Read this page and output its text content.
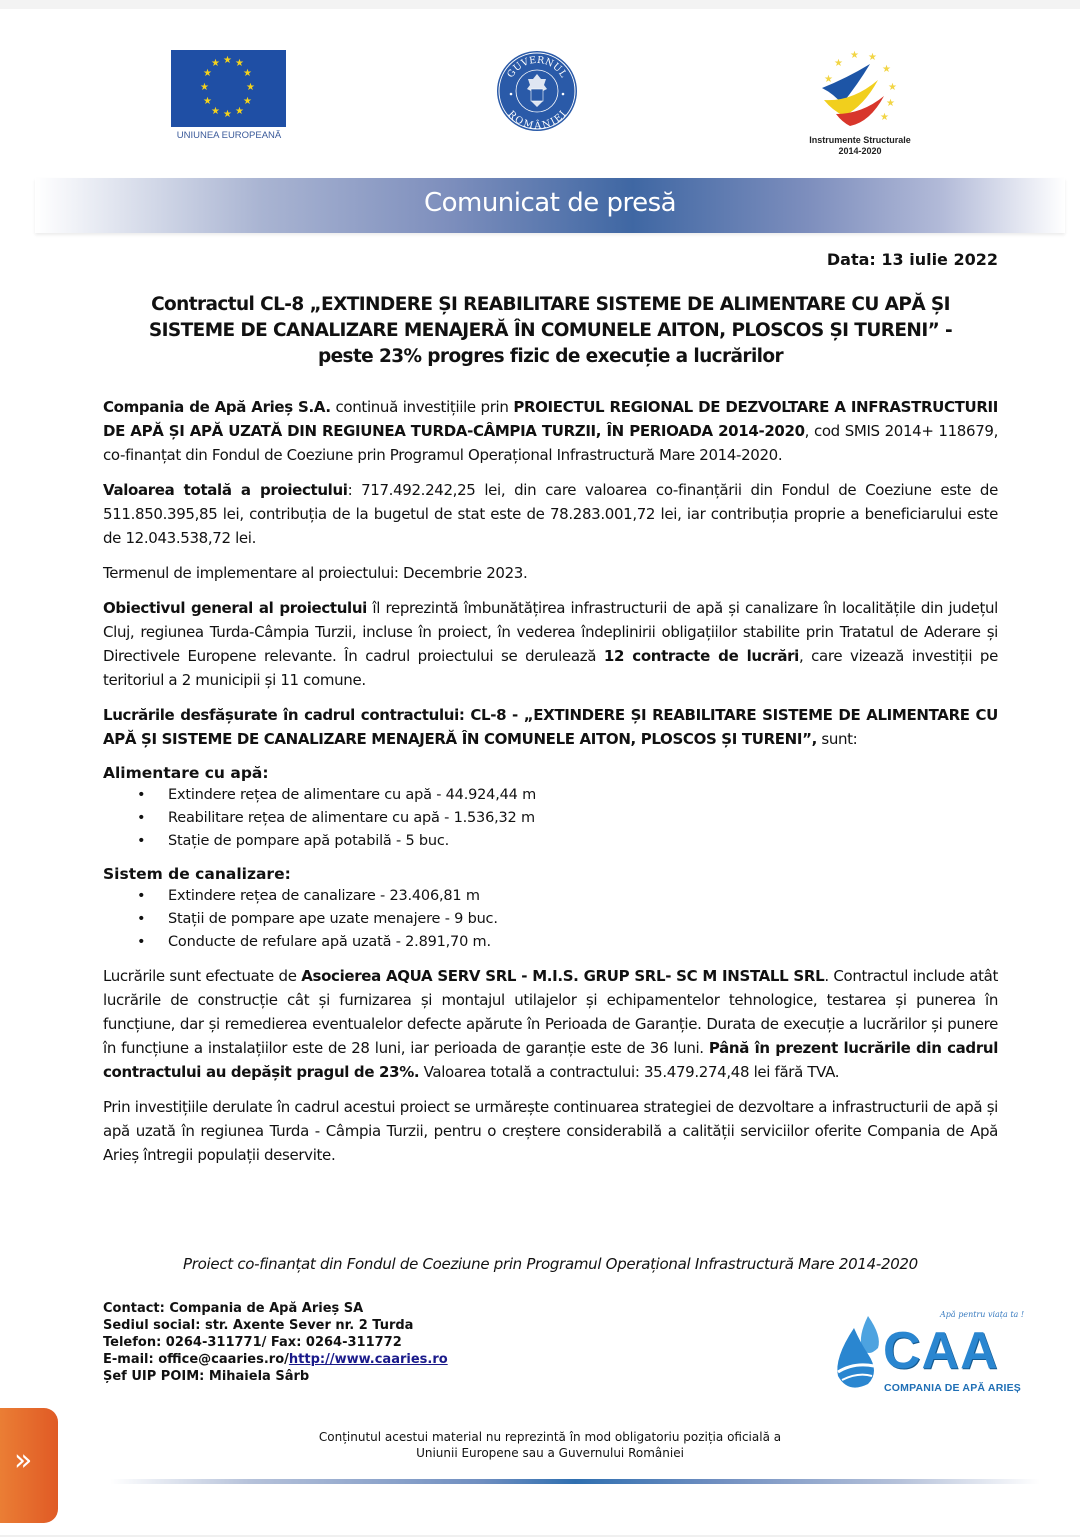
★ ★
★
★
★
★
★
★
★
★
★
★
UNIUNEA EUROPEANĂ
GUVERNUL
ROMÂNIEI
★ ★
★
★
★
★
★
★
Instrumente Structurale
2014-2020
Comunicat de presă
Data: 13 iulie 2022
Contractul CL-8 „EXTINDERE ȘI REABILITARE SISTEME DE ALIMENTARE CU APĂ ȘI
SISTEME DE CANALIZARE MENAJERĂ ÎN COMUNELE AITON, PLOSCOS ȘI TURENI” -
peste 23% progres fizic de execuție a lucrărilor
Compania de Apă Arieș S.A. continuă investițiile prin PROIECTUL REGIONAL DE DEZVOLTARE A INFRASTRUCTURII DE APĂ ȘI APĂ UZATĂ DIN REGIUNEA TURDA-CÂMPIA TURZII, ÎN PERIOADA 2014-2020, cod SMIS 2014+ 118679, co-finanțat din Fondul de Coeziune prin Programul Operațional Infrastructură Mare 2014-2020.
Valoarea totală a proiectului: 717.492.242,25 lei, din care valoarea co-finanțării din Fondul de Coeziune este de 511.850.395,85 lei, contribuția de la bugetul de stat este de 78.283.001,72 lei, iar contribuția proprie a beneficiarului este de 12.043.538,72 lei.
Termenul de implementare al proiectului: Decembrie 2023.
Obiectivul general al proiectului îl reprezintă îmbunătățirea infrastructurii de apă și canalizare în localitățile din județul Cluj, regiunea Turda-Câmpia Turzii, incluse în proiect, în vederea îndeplinirii obligațiilor stabilite prin Tratatul de Aderare și Directivele Europene relevante. În cadrul proiectului se derulează 12 contracte de lucrări, care vizează investiții pe teritoriul a 2 municipii și 11 comune.
Lucrările desfășurate în cadrul contractului: CL-8 - „EXTINDERE ȘI REABILITARE SISTEME DE ALIMENTARE CU APĂ ȘI SISTEME DE CANALIZARE MENAJERĂ ÎN COMUNELE AITON, PLOSCOS ȘI TURENI”, sunt:
Alimentare cu apă:
• Extindere rețea de alimentare cu apă - 44.924,44 m
• Reabilitare rețea de alimentare cu apă - 1.536,32 m
• Stație de pompare apă potabilă - 5 buc.
Sistem de canalizare:
• Extindere rețea de canalizare - 23.406,81 m
• Stații de pompare ape uzate menajere - 9 buc.
• Conducte de refulare apă uzată - 2.891,70 m.
Lucrările sunt efectuate de Asocierea AQUA SERV SRL - M.I.S. GRUP SRL- SC M INSTALL SRL. Contractul include atât lucrările de construcție cât și furnizarea și montajul utilajelor și echipamentelor tehnologice, testarea și punerea în funcțiune, dar și remedierea eventualelor defecte apărute în Perioada de Garanție. Durata de execuție a lucrărilor și punere în funcțiune a instalațiilor este de 28 luni, iar perioada de garanție este de 36 luni. Până în prezent lucrările din cadrul contractului au depășit pragul de 23%. Valoarea totală a contractului: 35.479.274,48 lei fără TVA.
Prin investițiile derulate în cadrul acestui proiect se urmărește continuarea strategiei de dezvoltare a infrastructurii de apă și apă uzată în regiunea Turda - Câmpia Turzii, pentru o creștere considerabilă a calității serviciilor oferite Compania de Apă Arieș întregii populații deservite.
Proiect co-finanțat din Fondul de Coeziune prin Programul Operațional Infrastructură Mare 2014-2020
Contact: Compania de Apă Arieș SA
Sediul social: str. Axente Sever nr. 2 Turda
Telefon: 0264-311771/ Fax: 0264-311772
E-mail: office@caaries.ro/http://www.caaries.ro
Șef UIP POIM: Mihaiela Sârb
Apă pentru viața ta !
CAA
COMPANIA DE APĂ ARIEȘ
Conținutul acestui material nu reprezintă în mod obligatoriu poziția oficială a
Uniunii Europene sau a Guvernului României
»
